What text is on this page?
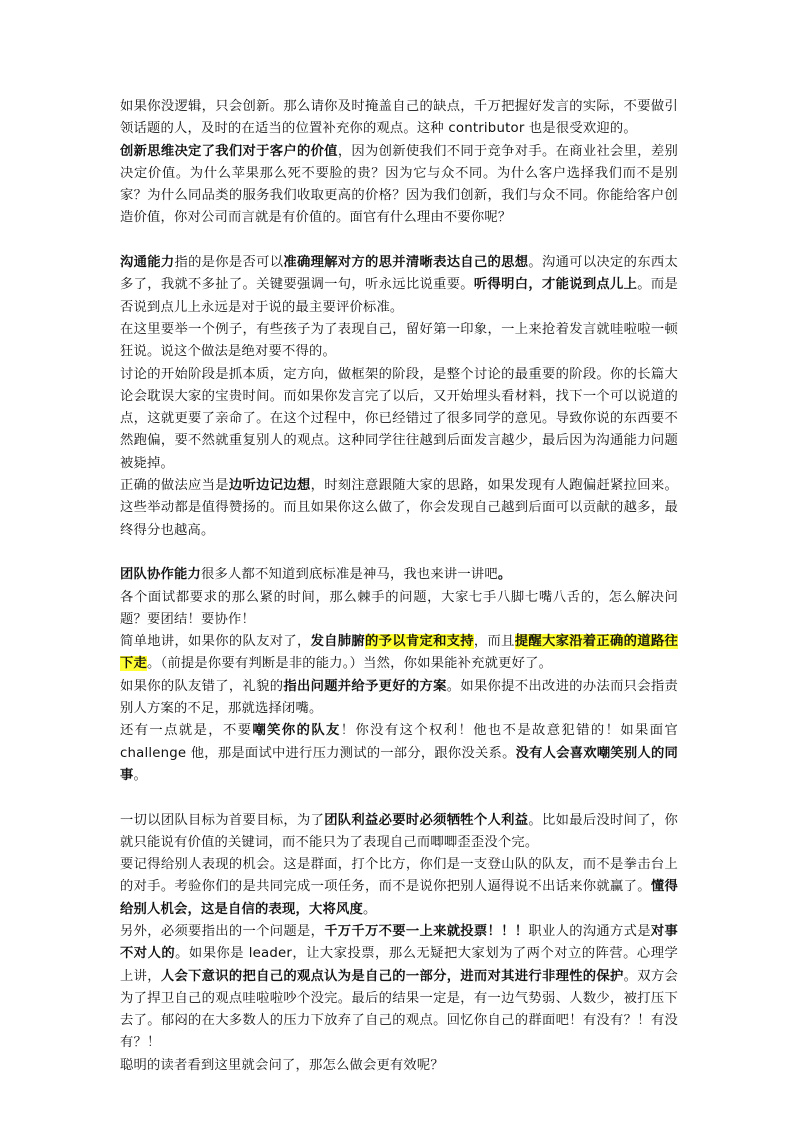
如果你没逻辑，只会创新。那么请你及时掩盖自己的缺点，千万把握好发言的实际，不要做引领话题的人，及时的在适当的位置补充你的观点。这种 contributor 也是很受欢迎的。

创新思维决定了我们对于客户的价值，因为创新使我们不同于竞争对手。在商业社会里，差别决定价值。为什么苹果那么死不要脸的贵？因为它与众不同。为什么客户选择我们而不是别家？为什么同品类的服务我们收取更高的价格？因为我们创新，我们与众不同。你能给客户创造价值，你对公司而言就是有价值的。面官有什么理由不要你呢？

沟通能力指的是你是否可以准确理解对方的思并清晰表达自己的思想。沟通可以决定的东西太多了，我就不多扯了。关键要强调一句，听永远比说重要。听得明白，才能说到点儿上。而是否说到点儿上永远是对于说的最主要评价标准。

在这里要举一个例子，有些孩子为了表现自己，留好第一印象，一上来抢着发言就哇啦啦一顿狂说。说这个做法是绝对要不得的。

讨论的开始阶段是抓本质，定方向，做框架的阶段，是整个讨论的最重要的阶段。你的长篇大论会耽误大家的宝贵时间。而如果你发言完了以后，又开始埋头看材料，找下一个可以说道的点，这就更要了亲命了。在这个过程中，你已经错过了很多同学的意见。导致你说的东西要不然跑偏，要不然就重复别人的观点。这种同学往往越到后面发言越少，最后因为沟通能力问题被毙掉。

正确的做法应当是边听边记边想，时刻注意跟随大家的思路，如果发现有人跑偏赶紧拉回来。这些举动都是值得赞扬的。而且如果你这么做了，你会发现自己越到后面可以贡献的越多，最终得分也越高。

团队协作能力很多人都不知道到底标准是神马，我也来讲一讲吧。

各个面试都要求的那么紧的时间，那么棘手的问题，大家七手八脚七嘴八舌的，怎么解决问题？要团结！要协作！

简单地讲，如果你的队友对了，发自肺腑的予以肯定和支持，而且提醒大家沿着正确的道路往下走。（前提是你要有判断是非的能力。）当然，你如果能补充就更好了。

如果你的队友错了，礼貌的指出问题并给予更好的方案。如果你提不出改进的办法而只会指责别人方案的不足，那就选择闭嘴。

还有一点就是，不要嘲笑你的队友！你没有这个权利！他也不是故意犯错的！如果面官 challenge 他，那是面试中进行压力测试的一部分，跟你没关系。没有人会喜欢嘲笑别人的同事。

一切以团队目标为首要目标，为了团队利益必要时必须牺牲个人利益。比如最后没时间了，你就只能说有价值的关键词，而不能只为了表现自己而唧唧歪歪没个完。

要记得给别人表现的机会。这是群面，打个比方，你们是一支登山队的队友，而不是拳击台上的对手。考验你们的是共同完成一项任务，而不是说你把别人逼得说不出话来你就赢了。懂得给别人机会，这是自信的表现，大将风度。

另外，必须要指出的一个问题是，千万千万不要一上来就投票！！！职业人的沟通方式是对事不对人的。如果你是 leader，让大家投票，那么无疑把大家划为了两个对立的阵营。心理学上讲，人会下意识的把自己的观点认为是自己的一部分，进而对其进行非理性的保护。双方会为了捍卫自己的观点哇啦啦吵个没完。最后的结果一定是，有一边气势弱、人数少，被打压下去了。郁闷的在大多数人的压力下放弃了自己的观点。回忆你自己的群面吧！有没有？！有没有？！

聪明的读者看到这里就会问了，那怎么做会更有效呢？
